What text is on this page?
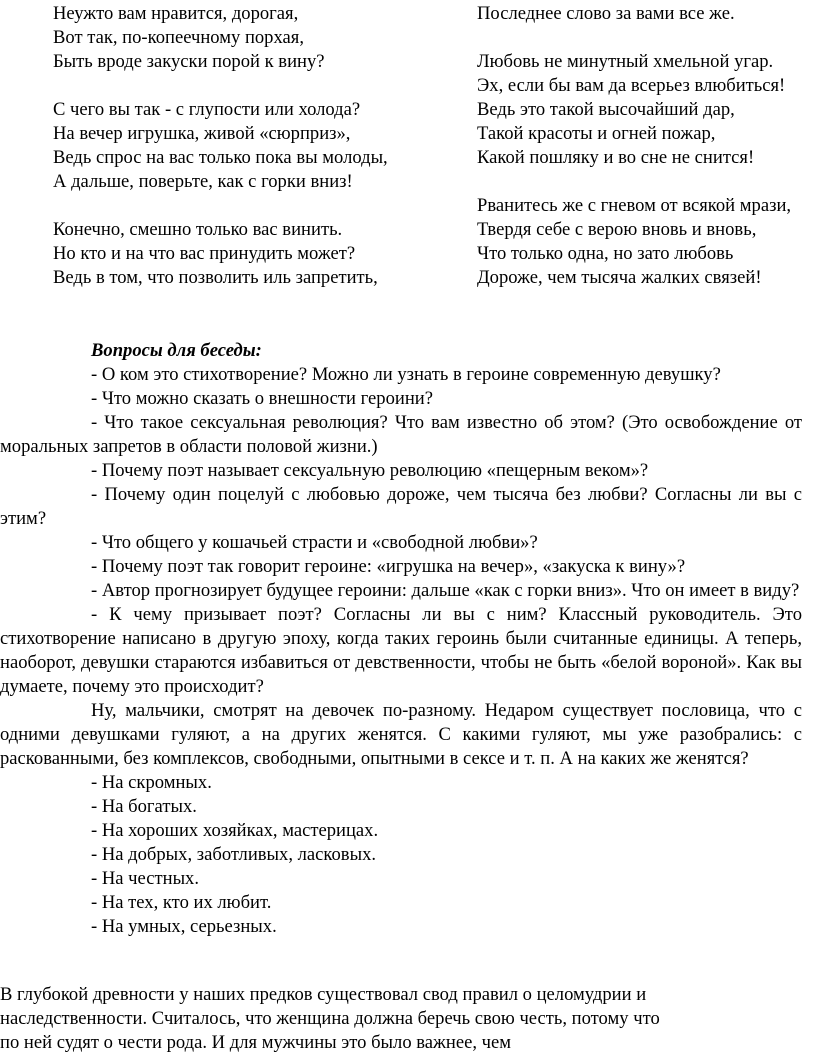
Неужто вам нравится, дорогая,

Вот так, по-копеечному порхая,

Быть вроде закуски порой к вину?

С чего вы так - с глупости или холода?

На вечер игрушка, живой «сюрприз»,

Ведь спрос на вас только пока вы молоды,

А дальше, поверьте, как с горки вниз!

Конечно, смешно только вас винить.

Но кто и на что вас принудить может?

Ведь в том, что позволить иль запретить,

Последнее слово за вами все же.

Любовь не минутный хмельной угар.

Эх, если бы вам да всерьез влюбиться!

Ведь это такой высочайший дар,

Такой красоты и огней пожар,

Какой пошляку и во сне не снится!

Рванитесь же с гневом от всякой мрази,

Твердя себе с верою вновь и вновь,

Что только одна, но зато любовь

Дороже, чем тысяча жалких связей!

Вопросы для беседы:

- О ком это стихотворение? Можно ли узнать в героине современную девушку?

- Что можно сказать о внешности героини?

- Что такое сексуальная революция? Что вам известно об этом? (Это освобождение от моральных запретов в области половой жизни.)

- Почему поэт называет сексуальную революцию «пещерным веком»?

- Почему один поцелуй с любовью дороже, чем тысяча без любви? Согласны ли вы с этим?

- Что общего у кошачьей страсти и «свободной любви»?

- Почему поэт так говорит героине: «игрушка на вечер», «закуска к вину»?

- Автор прогнозирует будущее героини: дальше «как с горки вниз». Что он имеет в виду?

- К чему призывает поэт? Согласны ли вы с ним? Классный руководитель. Это стихотворение написано в другую эпоху, когда таких героинь были считанные единицы. А теперь, наоборот, девушки стараются избавиться от девственности, чтобы не быть «белой вороной». Как вы думаете, почему это происходит?

Ну, мальчики, смотрят на девочек по-разному. Недаром существует пословица, что с одними девушками гуляют, а на других женятся. С какими гуляют, мы уже разобрались: с раскованными, без комплексов, свободными, опытными в сексе и т. п. А на каких же женятся?

- На скромных.

- На богатых.

- На хороших хозяйках, мастерицах.

- На добрых, заботливых, ласковых.

- На честных.

- На тех, кто их любит.

- На умных, серьезных.

В глубокой древности у наших предков существовал свод правил о целомудрии и

наследственности. Считалось, что женщина должна беречь свою честь, потому что

по ней судят о чести рода. И для мужчины это было важнее, чем
